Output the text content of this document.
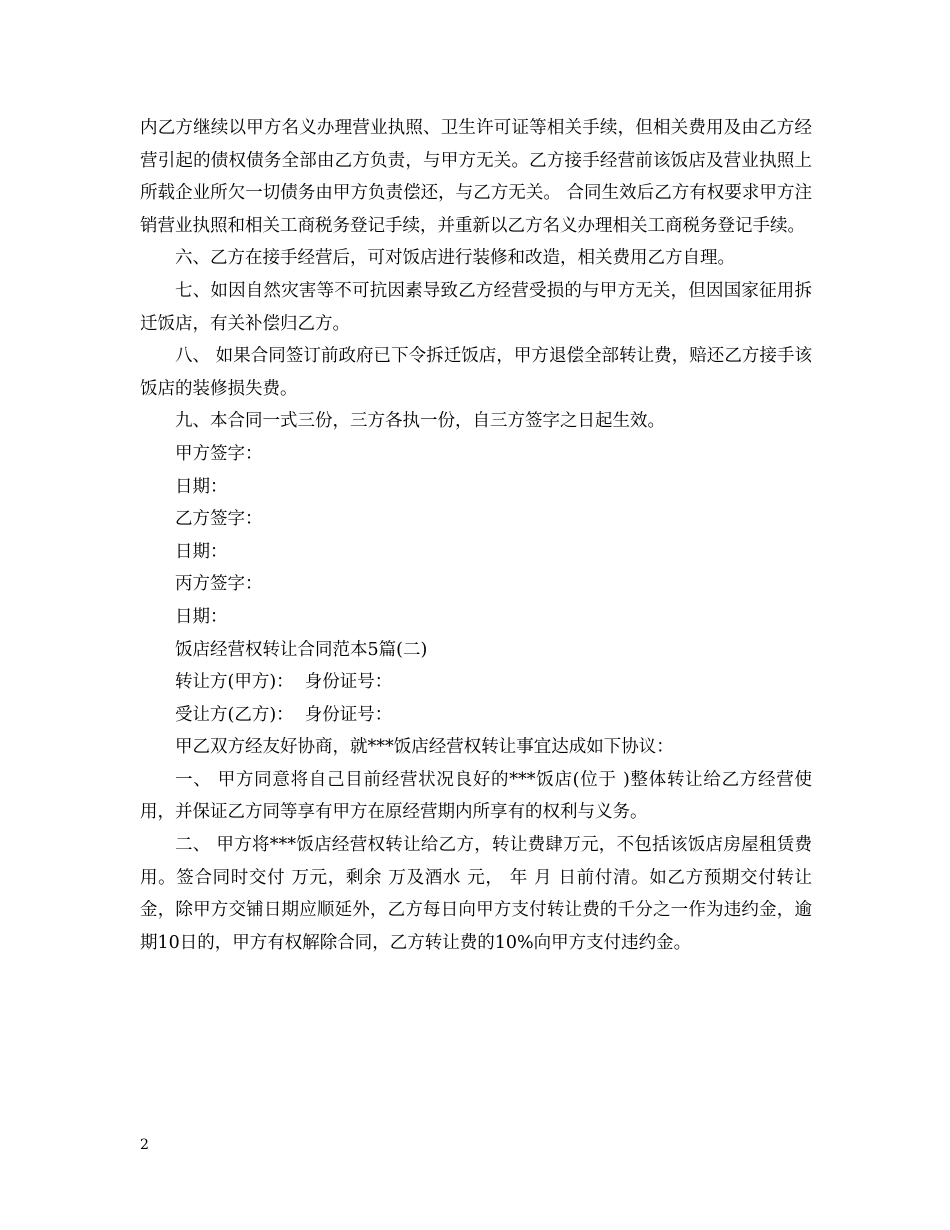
内乙方继续以甲方名义办理营业执照、卫生许可证等相关手续，但相关费用及由乙方经营引起的债权债务全部由乙方负责，与甲方无关。乙方接手经营前该饭店及营业执照上所载企业所欠一切债务由甲方负责偿还，与乙方无关。 合同生效后乙方有权要求甲方注销营业执照和相关工商税务登记手续，并重新以乙方名义办理相关工商税务登记手续。

六、乙方在接手经营后，可对饭店进行装修和改造，相关费用乙方自理。

七、如因自然灾害等不可抗因素导致乙方经营受损的与甲方无关，但因国家征用拆迁饭店，有关补偿归乙方。

八、 如果合同签订前政府已下令拆迁饭店，甲方退偿全部转让费，赔还乙方接手该饭店的装修损失费。

九、本合同一式三份，三方各执一份，自三方签字之日起生效。

甲方签字：

日期：

乙方签字：

日期：

丙方签字：

日期：

饭店经营权转让合同范本5篇(二)

转让方(甲方)：  身份证号：

受让方(乙方)：  身份证号：

甲乙双方经友好协商，就***饭店经营权转让事宜达成如下协议：

一、 甲方同意将自己目前经营状况良好的***饭店(位于 )整体转让给乙方经营使用，并保证乙方同等享有甲方在原经营期内所享有的权利与义务。

二、 甲方将***饭店经营权转让给乙方，转让费肆万元，不包括该饭店房屋租赁费用。签合同时交付 万元，剩余 万及酒水 元， 年 月 日前付清。如乙方预期交付转让金，除甲方交铺日期应顺延外，乙方每日向甲方支付转让费的千分之一作为违约金，逾期10日的，甲方有权解除合同，乙方转让费的10%向甲方支付违约金。

2
